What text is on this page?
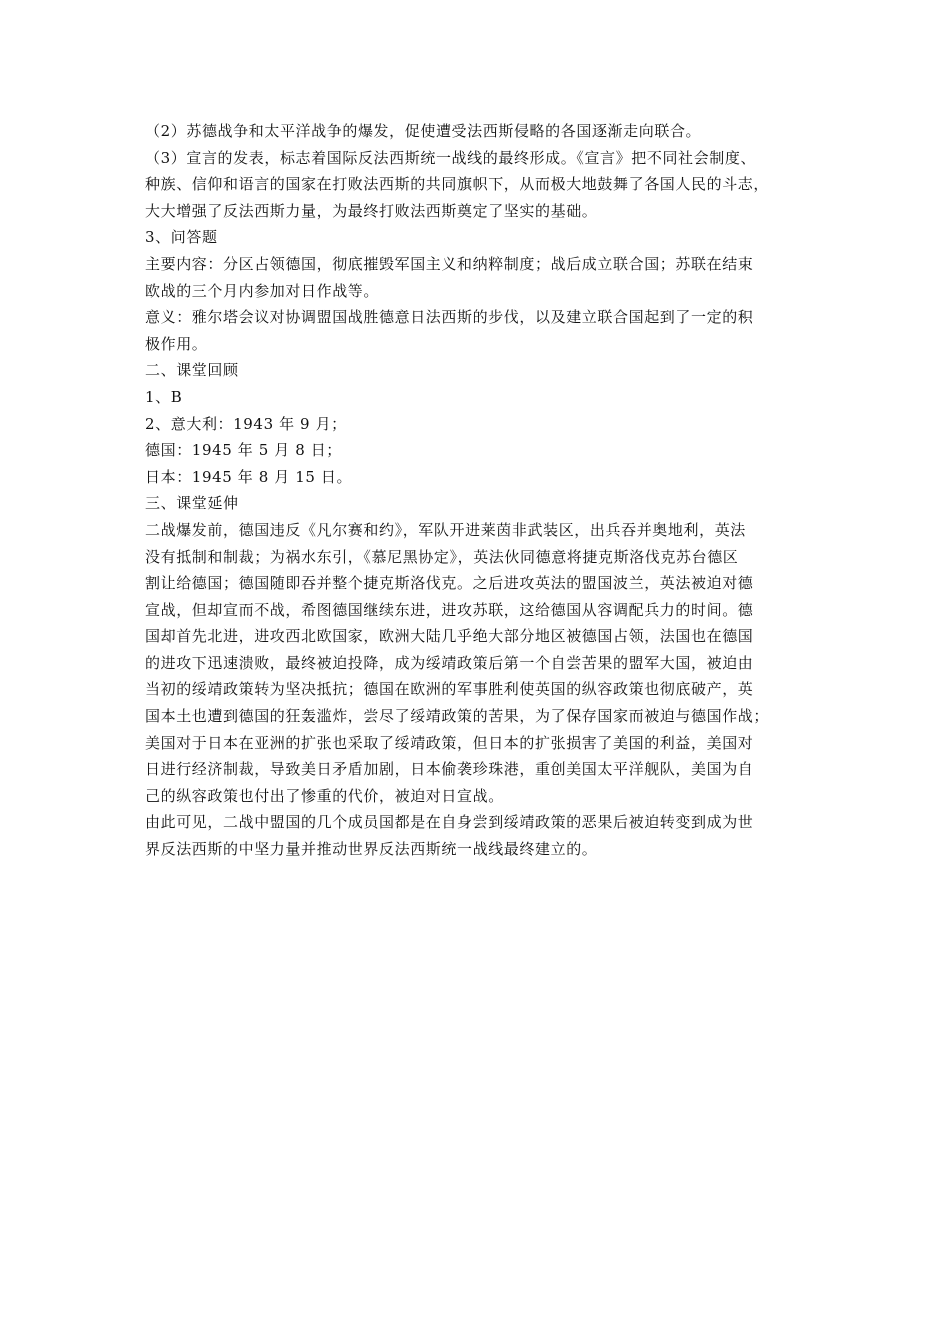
（2）苏德战争和太平洋战争的爆发，促使遭受法西斯侵略的各国逐渐走向联合。
（3）宣言的发表，标志着国际反法西斯统一战线的最终形成。《宣言》把不同社会制度、
种族、信仰和语言的国家在打败法西斯的共同旗帜下，从而极大地鼓舞了各国人民的斗志，
大大增强了反法西斯力量，为最终打败法西斯奠定了坚实的基础。
3、问答题
主要内容：分区占领德国，彻底摧毁军国主义和纳粹制度；战后成立联合国；苏联在结束
欧战的三个月内参加对日作战等。
意义：雅尔塔会议对协调盟国战胜德意日法西斯的步伐，以及建立联合国起到了一定的积
极作用。
二、课堂回顾
1、B
2、意大利：1943 年 9 月；
德国：1945 年 5 月 8 日；
日本：1945 年 8 月 15 日。
三、课堂延伸
二战爆发前，德国违反《凡尔赛和约》，军队开进莱茵非武装区，出兵吞并奥地利，英法
没有抵制和制裁；为祸水东引，《慕尼黑协定》，英法伙同德意将捷克斯洛伐克苏台德区
割让给德国；德国随即吞并整个捷克斯洛伐克。之后进攻英法的盟国波兰，英法被迫对德
宣战，但却宣而不战，希图德国继续东进，进攻苏联，这给德国从容调配兵力的时间。德
国却首先北进，进攻西北欧国家，欧洲大陆几乎绝大部分地区被德国占领，法国也在德国
的进攻下迅速溃败，最终被迫投降，成为绥靖政策后第一个自尝苦果的盟军大国，被迫由
当初的绥靖政策转为坚决抵抗；德国在欧洲的军事胜利使英国的纵容政策也彻底破产，英
国本土也遭到德国的狂轰滥炸，尝尽了绥靖政策的苦果，为了保存国家而被迫与德国作战；
美国对于日本在亚洲的扩张也采取了绥靖政策，但日本的扩张损害了美国的利益，美国对
日进行经济制裁，导致美日矛盾加剧，日本偷袭珍珠港，重创美国太平洋舰队，美国为自
己的纵容政策也付出了惨重的代价，被迫对日宣战。
由此可见，二战中盟国的几个成员国都是在自身尝到绥靖政策的恶果后被迫转变到成为世
界反法西斯的中坚力量并推动世界反法西斯统一战线最终建立的。
